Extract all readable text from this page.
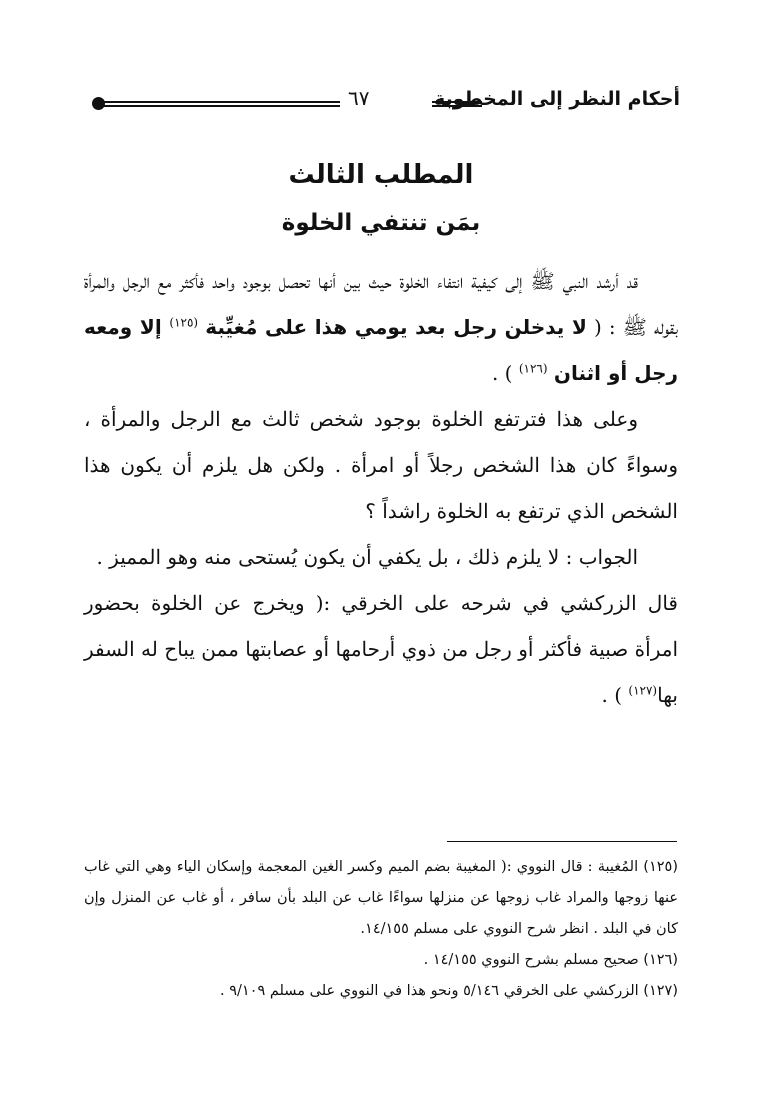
أحكام النظر إلى المخطوبة
٦٧
المطلب الثالث
بمَن تنتفي الخلوة

قد أرشد النبي ﷺ إلى كيفية انتفاء الخلوة حيث بين أنها تحصل بوجود واحد فأكثر مع الرجل والمرأة بقوله ﷺ : ( لا يدخلن رجل بعد يومي هذا على مُغيِّبة $^{(١٢٥)}$ إلا ومعه رجل أو اثنان $^{(١٢٦)}$ ) .

وعلى هذا فترتفع الخلوة بوجود شخص ثالث مع الرجل والمرأة ، وسواءً كان هذا الشخص رجلاً أو امرأة . ولكن هل يلزم أن يكون هذا الشخص الذي ترتفع به الخلوة راشداً ؟

الجواب : لا يلزم ذلك ، بل يكفي أن يكون يُستحى منه وهو المميز .

قال الزركشي في شرحه على الخرقي :( ويخرج عن الخلوة بحضور امرأة صبية فأكثر أو رجل من ذوي أرحامها أو عصابتها ممن يباح له السفر بها$^{(١٢٧)}$ ) .

(١٢٥) المُغيبة : قال النووي :( المغيبة بضم الميم وكسر الغين المعجمة وإسكان الياء وهي التي غاب عنها زوجها والمراد غاب زوجها عن منزلها سواءًا غاب عن البلد بأن سافر ، أو غاب عن المنزل وإن كان في البلد . انظر شرح النووي على مسلم ١٤/١٥٥.

(١٢٦) صحيح مسلم بشرح النووي ١٤/١٥٥ .

(١٢٧) الزركشي على الخرقي ٥/١٤٦ ونحو هذا في النووي على مسلم ٩/١٠٩ .
